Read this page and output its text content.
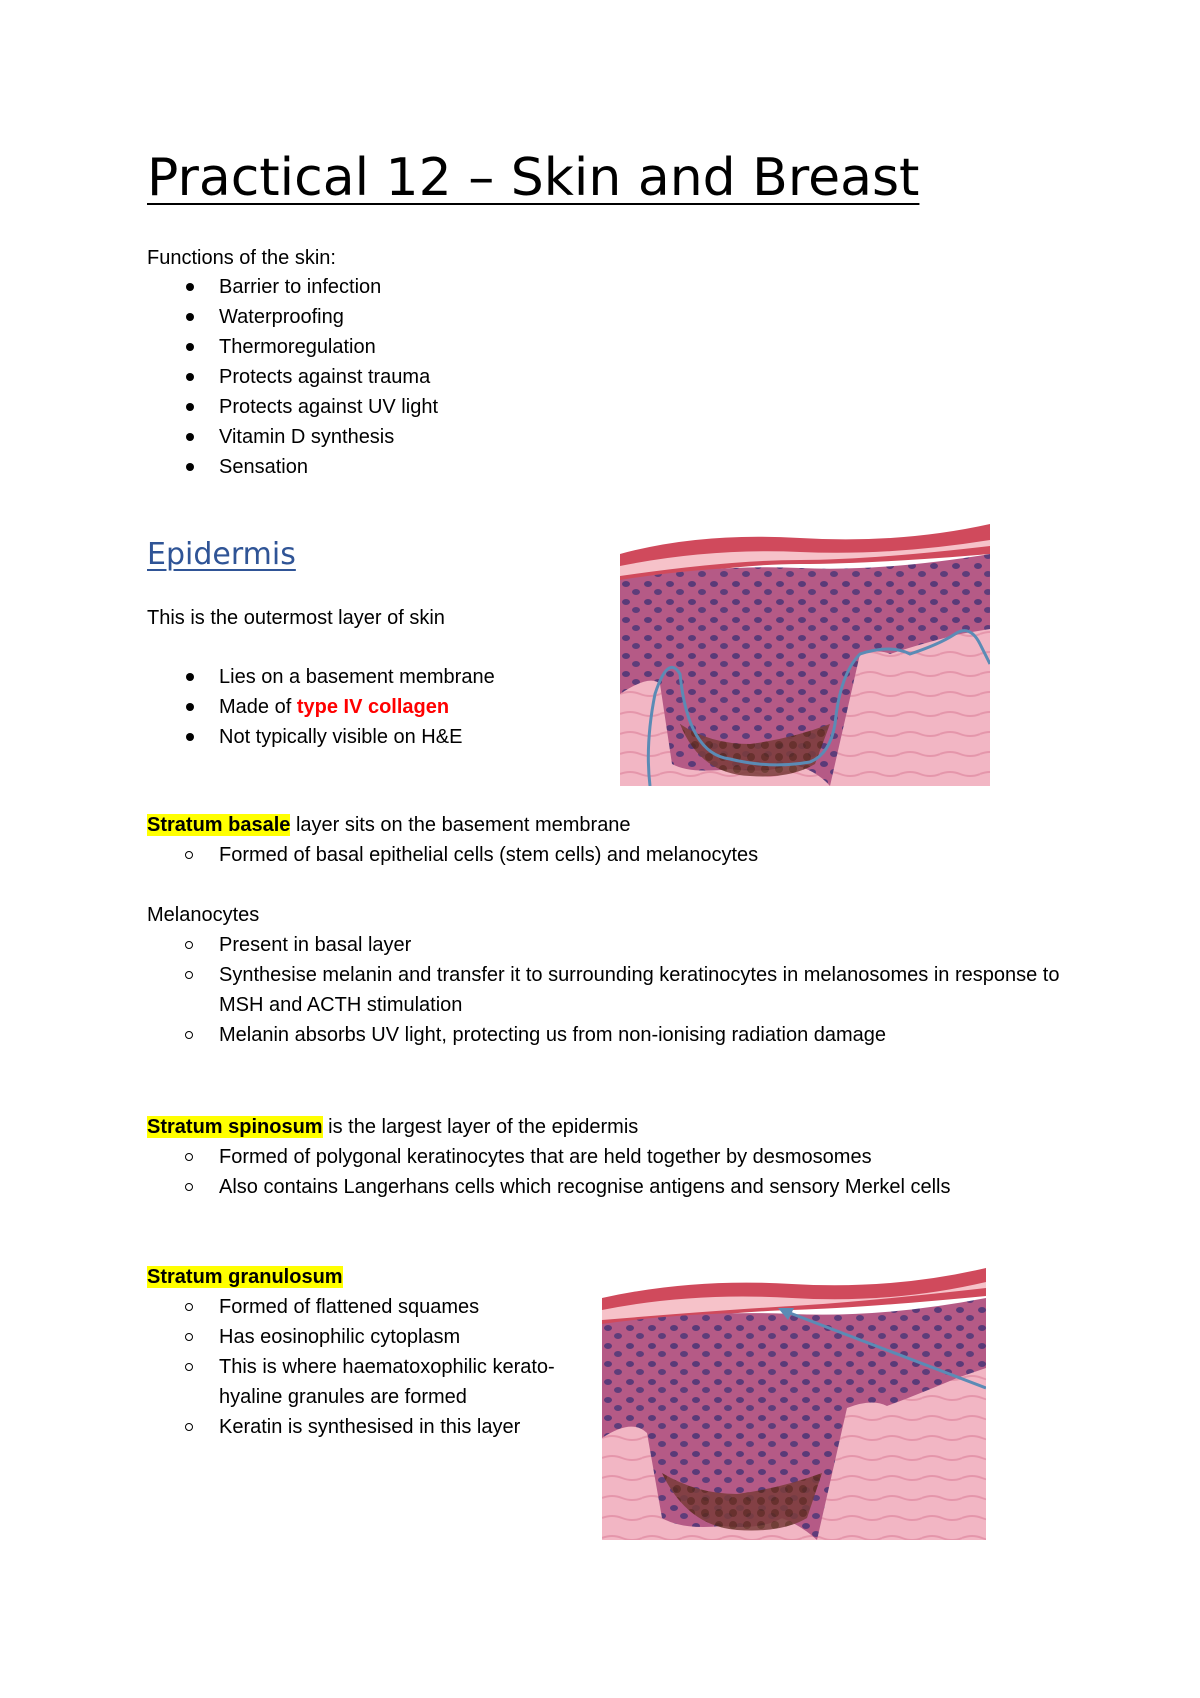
Practical 12 – Skin and Breast
Functions of the skin:
Barrier to infection
Waterproofing
Thermoregulation
Protects against trauma
Protects against UV light
Vitamin D synthesis
Sensation
Epidermis
This is the outermost layer of skin
Lies on a basement membrane
Made of type IV collagen
Not typically visible on H&E
Stratum basale layer sits on the basement membrane
Formed of basal epithelial cells (stem cells) and melanocytes
Melanocytes
Present in basal layer
Synthesise melanin and transfer it to surrounding keratinocytes in melanosomes in response to MSH and ACTH stimulation
Melanin absorbs UV light, protecting us from non-ionising radiation damage
Stratum spinosum is the largest layer of the epidermis
Formed of polygonal keratinocytes that are held together by desmosomes
Also contains Langerhans cells which recognise antigens and sensory Merkel cells
Stratum granulosum
Formed of flattened squames
Has eosinophilic cytoplasm
This is where haematoxophilic kerato-hyaline granules are formed
Keratin is synthesised in this layer
